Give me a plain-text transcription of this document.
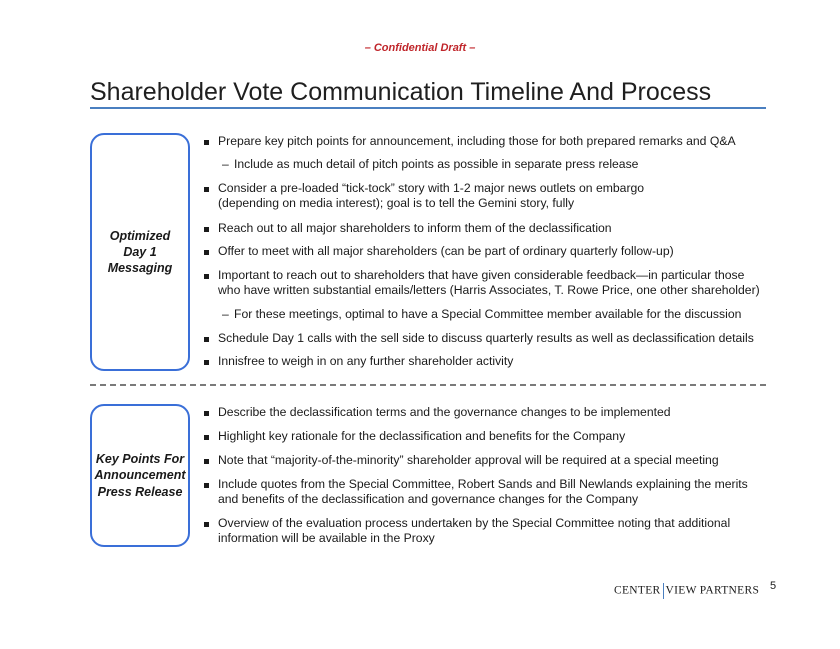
– Confidential Draft –
Shareholder Vote Communication Timeline And Process
Optimized
Day 1
Messaging
Prepare key pitch points for announcement, including those for both prepared remarks and Q&A
– Include as much detail of pitch points as possible in separate press release
Consider a pre-loaded “tick-tock” story with 1-2 major news outlets on embargo (depending on media interest); goal is to tell the Gemini story, fully
Reach out to all major shareholders to inform them of the declassification
Offer to meet with all major shareholders (can be part of ordinary quarterly follow-up)
Important to reach out to shareholders that have given considerable feedback—in particular those who have written substantial emails/letters (Harris Associates, T. Rowe Price, one other shareholder)
– For these meetings, optimal to have a Special Committee member available for the discussion
Schedule Day 1 calls with the sell side to discuss quarterly results as well as declassification details
Innisfree to weigh in on any further shareholder activity
Key Points For
Announcement
Press Release
Describe the declassification terms and the governance changes to be implemented
Highlight key rationale for the declassification and benefits for the Company
Note that “majority-of-the-minority” shareholder approval will be required at a special meeting
Include quotes from the Special Committee, Robert Sands and Bill Newlands explaining the merits and benefits of the declassification and governance changes for the Company
Overview of the evaluation process undertaken by the Special Committee noting that additional information will be available in the Proxy
CENTER VIEW PARTNERS 5
